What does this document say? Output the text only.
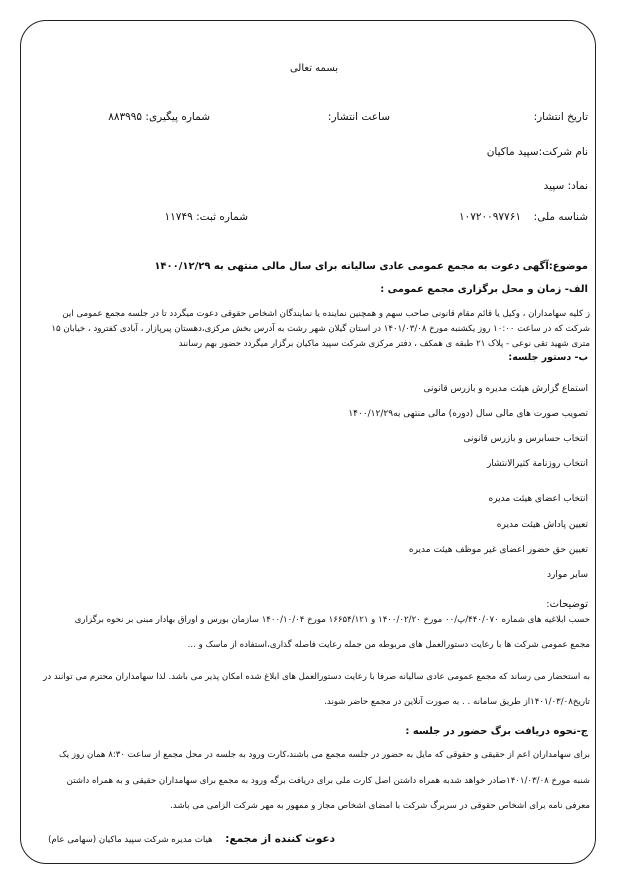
بسمه تعالی
تاریخ انتشار:
ساعت انتشار:
شماره پیگیری: ۸۸۳۹۹۵
نام شرکت:سپید ماکیان
نماد: سپید
شناسه ملی:  ۱۰۷۲۰۰۹۷۷۶۱
شماره ثبت: ۱۱۷۴۹
موضوع:آگهی دعوت به مجمع عمومی عادی سالیانه برای سال مالی منتهی به ۱۴۰۰/۱۲/۲۹
الف- زمان و محل برگزاری مجمع عمومی :
ز کلیه سهامداران ، وکیل یا قائم مقام قانونی صاحب سهم و همچنین نماینده یا نمایندگان اشخاص حقوقی دعوت میگردد تا در جلسه مجمع عمومی این
شرکت که در ساعت ۱۰:۰۰ روز یکشنبه مورخ ۱۴۰۱/۰۳/۰۸ در استان گیلان شهر رشت به آدرس بخش مرکزی،دهستان پیرپازار ، آبادی کفترود ، خیابان ۱۵
متری شهید تقی نوعی - پلاک ۲۱ طبقه ی همکف ، دفتر مرکزی شرکت سپید ماکیان برگزار میگردد حضور بهم رسانند
ب- دستور جلسه:
استماع گزارش هیئت مدیره و بازرس قانونی
تصویب صورت های مالی سال (دوره) مالی منتهی به۱۴۰۰/۱۲/۲۹
انتخاب حسابرس و بازرس قانونی
انتخاب روزنامة کثیرالانتشار
انتخاب اعضای هیئت مدیره
تعیین پاداش هیئت مدیره
تعیین حق حضور اعضای غیر موظف هیئت مدیره
سایر موارد
توضیحات:
حسب ابلاغیه های شماره ۴۴۰/۰۷۰/پ/۰۰ مورخ ۱۴۰۰/۰۲/۲۰ و ۱۶۶۵۴/۱۲۱ مورخ ۱۴۰۰/۱۰/۰۴ سازمان بورس و اوراق بهادار مبنی بر نحوه برگزاری
مجمع عمومی شرکت ها با رعایت دستورالعمل های مربوطه من جمله رعایت فاصله گذاری،استفاده از ماسک و ...
به استحضار می رساند که مجمع عمومی عادی سالیانه صرفا با رعایت دستورالعمل های ابلاغ شده امکان پذیر می باشد. لذا سهامداران محترم می توانند در
تاریخ۱۴۰۱/۰۳/۰۸از طریق سامانه . . به صورت آنلاین در مجمع حاضر شوند.
ج-نحوه دریافت برگ حضور در جلسه :
برای سهامداران اعم از حقیقی و حقوقی که مایل به حضور در جلسه مجمع می باشند،کارت ورود به جلسه در محل مجمع از ساعت ۸:۳۰ همان روز یک
شنبه مورخ ۱۴۰۱/۰۳/۰۸صادر خواهد شدبه همراه داشتن اصل کارت ملی برای دریافت برگه ورود به مجمع برای سهامداران حقیقی و به همراه داشتن
معرفی نامه برای اشخاص حقوقی در سربرگ شرکت با امضای اشخاص مجاز و ممهور به مهر شرکت الزامی می باشد.
دعوت کننده از مجمع:  هیات مدیره شرکت سپید ماکیان (سهامی عام)
